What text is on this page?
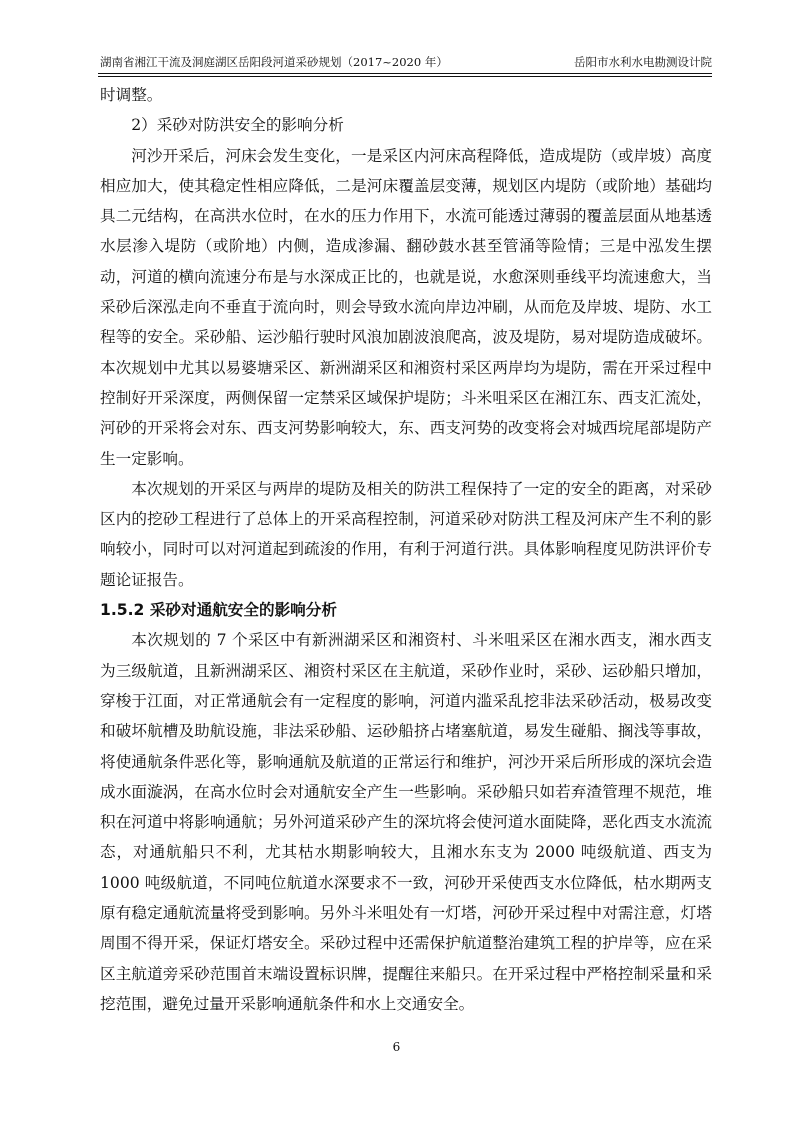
湖南省湘江干流及洞庭湖区岳阳段河道采砂规划（2017~2020 年）	岳阳市水利水电勘测设计院

时调整。

2）采砂对防洪安全的影响分析

河沙开采后，河床会发生变化，一是采区内河床高程降低，造成堤防（或岸坡）高度相应加大，使其稳定性相应降低，二是河床覆盖层变薄，规划区内堤防（或阶地）基础均具二元结构，在高洪水位时，在水的压力作用下，水流可能透过薄弱的覆盖层面从地基透水层渗入堤防（或阶地）内侧，造成渗漏、翻砂鼓水甚至管涌等险情；三是中泓发生摆动，河道的横向流速分布是与水深成正比的，也就是说，水愈深则垂线平均流速愈大，当采砂后深泓走向不垂直于流向时，则会导致水流向岸边冲刷，从而危及岸坡、堤防、水工程等的安全。采砂船、运沙船行驶时风浪加剧波浪爬高，波及堤防，易对堤防造成破坏。本次规划中尤其以易婆塘采区、新洲湖采区和湘资村采区两岸均为堤防，需在开采过程中控制好开采深度，两侧保留一定禁采区域保护堤防；斗米咀采区在湘江东、西支汇流处，河砂的开采将会对东、西支河势影响较大，东、西支河势的改变将会对城西垸尾部堤防产生一定影响。

本次规划的开采区与两岸的堤防及相关的防洪工程保持了一定的安全的距离，对采砂区内的挖砂工程进行了总体上的开采高程控制，河道采砂对防洪工程及河床产生不利的影响较小，同时可以对河道起到疏浚的作用，有利于河道行洪。具体影响程度见防洪评价专题论证报告。

1.5.2 采砂对通航安全的影响分析

本次规划的 7 个采区中有新洲湖采区和湘资村、斗米咀采区在湘水西支，湘水西支为三级航道，且新洲湖采区、湘资村采区在主航道，采砂作业时，采砂、运砂船只增加，穿梭于江面，对正常通航会有一定程度的影响，河道内滥采乱挖非法采砂活动，极易改变和破坏航槽及助航设施，非法采砂船、运砂船挤占堵塞航道，易发生碰船、搁浅等事故，将使通航条件恶化等，影响通航及航道的正常运行和维护，河沙开采后所形成的深坑会造成水面漩涡，在高水位时会对通航安全产生一些影响。采砂船只如若弃渣管理不规范，堆积在河道中将影响通航；另外河道采砂产生的深坑将会使河道水面陡降，恶化西支水流流态，对通航船只不利，尤其枯水期影响较大，且湘水东支为 2000 吨级航道、西支为 1000 吨级航道，不同吨位航道水深要求不一致，河砂开采使西支水位降低，枯水期两支原有稳定通航流量将受到影响。另外斗米咀处有一灯塔，河砂开采过程中对需注意，灯塔周围不得开采，保证灯塔安全。采砂过程中还需保护航道整治建筑工程的护岸等，应在采区主航道旁采砂范围首末端设置标识牌，提醒往来船只。在开采过程中严格控制采量和采挖范围，避免过量开采影响通航条件和水上交通安全。

6
